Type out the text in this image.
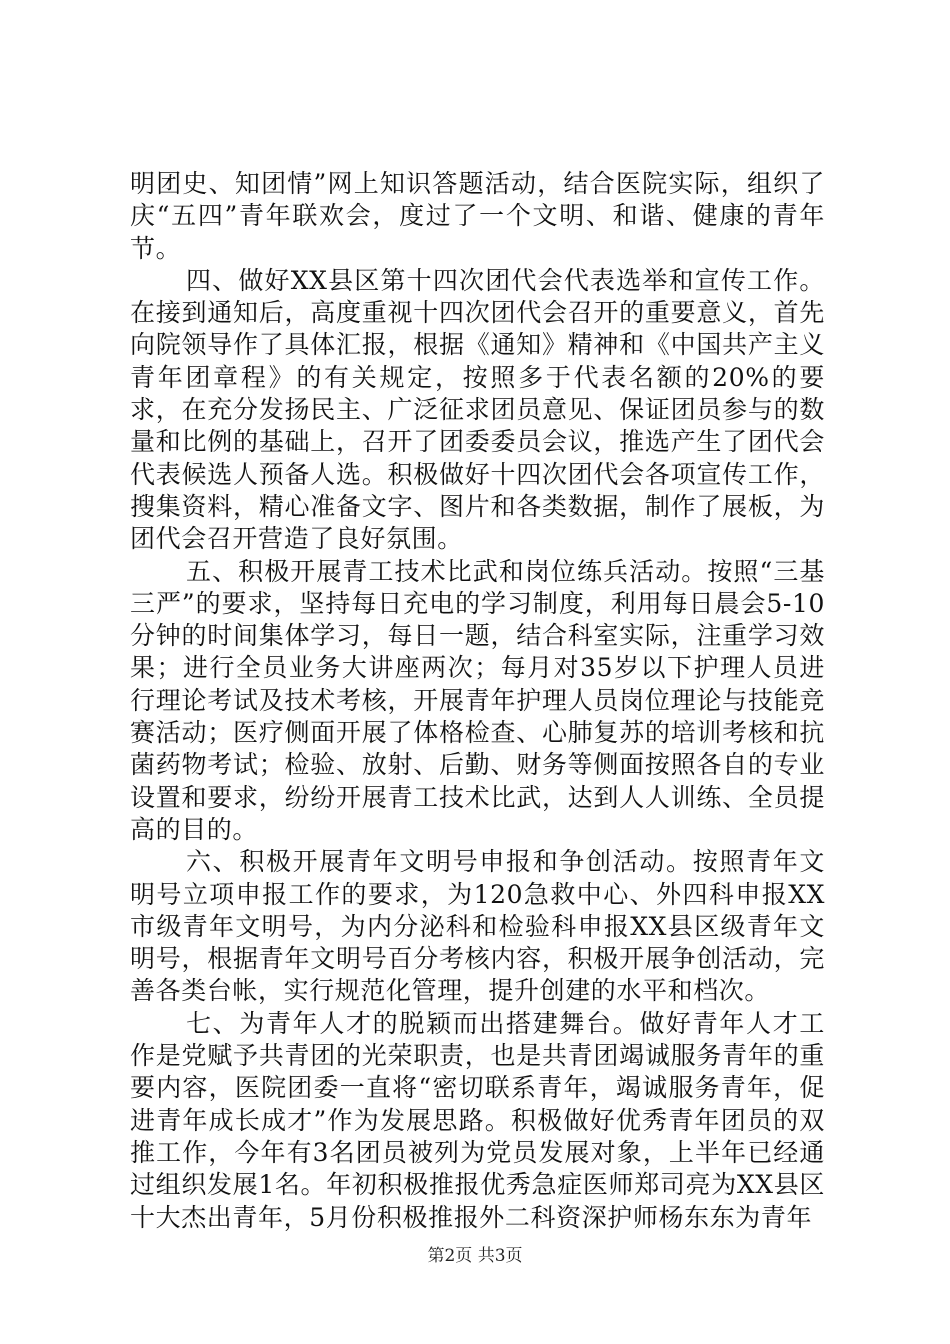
明团史、知团情”网上知识答题活动，结合医院实际，组织了庆“五四”青年联欢会，度过了一个文明、和谐、健康的青年节。

四、做好XX县区第十四次团代会代表选举和宣传工作。在接到通知后，高度重视十四次团代会召开的重要意义，首先向院领导作了具体汇报，根据《通知》精神和《中国共产主义青年团章程》的有关规定，按照多于代表名额的20%的要求，在充分发扬民主、广泛征求团员意见、保证团员参与的数量和比例的基础上，召开了团委委员会议，推选产生了团代会代表候选人预备人选。积极做好十四次团代会各项宣传工作，搜集资料，精心准备文字、图片和各类数据，制作了展板，为团代会召开营造了良好氛围。

五、积极开展青工技术比武和岗位练兵活动。按照“三基三严”的要求，坚持每日充电的学习制度，利用每日晨会5-10分钟的时间集体学习，每日一题，结合科室实际，注重学习效果；进行全员业务大讲座两次；每月对35岁以下护理人员进行理论考试及技术考核，开展青年护理人员岗位理论与技能竞赛活动；医疗侧面开展了体格检查、心肺复苏的培训考核和抗菌药物考试；检验、放射、后勤、财务等侧面按照各自的专业设置和要求，纷纷开展青工技术比武，达到人人训练、全员提高的目的。

六、积极开展青年文明号申报和争创活动。按照青年文明号立项申报工作的要求，为120急救中心、外四科申报XX市级青年文明号，为内分泌科和检验科申报XX县区级青年文明号，根据青年文明号百分考核内容，积极开展争创活动，完善各类台帐，实行规范化管理，提升创建的水平和档次。

七、为青年人才的脱颖而出搭建舞台。做好青年人才工作是党赋予共青团的光荣职责，也是共青团竭诚服务青年的重要内容，医院团委一直将“密切联系青年，竭诚服务青年，促进青年成长成才”作为发展思路。积极做好优秀青年团员的双推工作，今年有3名团员被列为党员发展对象，上半年已经通过组织发展1名。年初积极推报优秀急症医师郑司亮为XX县区十大杰出青年，5月份积极推报外二科资深护师杨东东为青年

第2页 共3页
